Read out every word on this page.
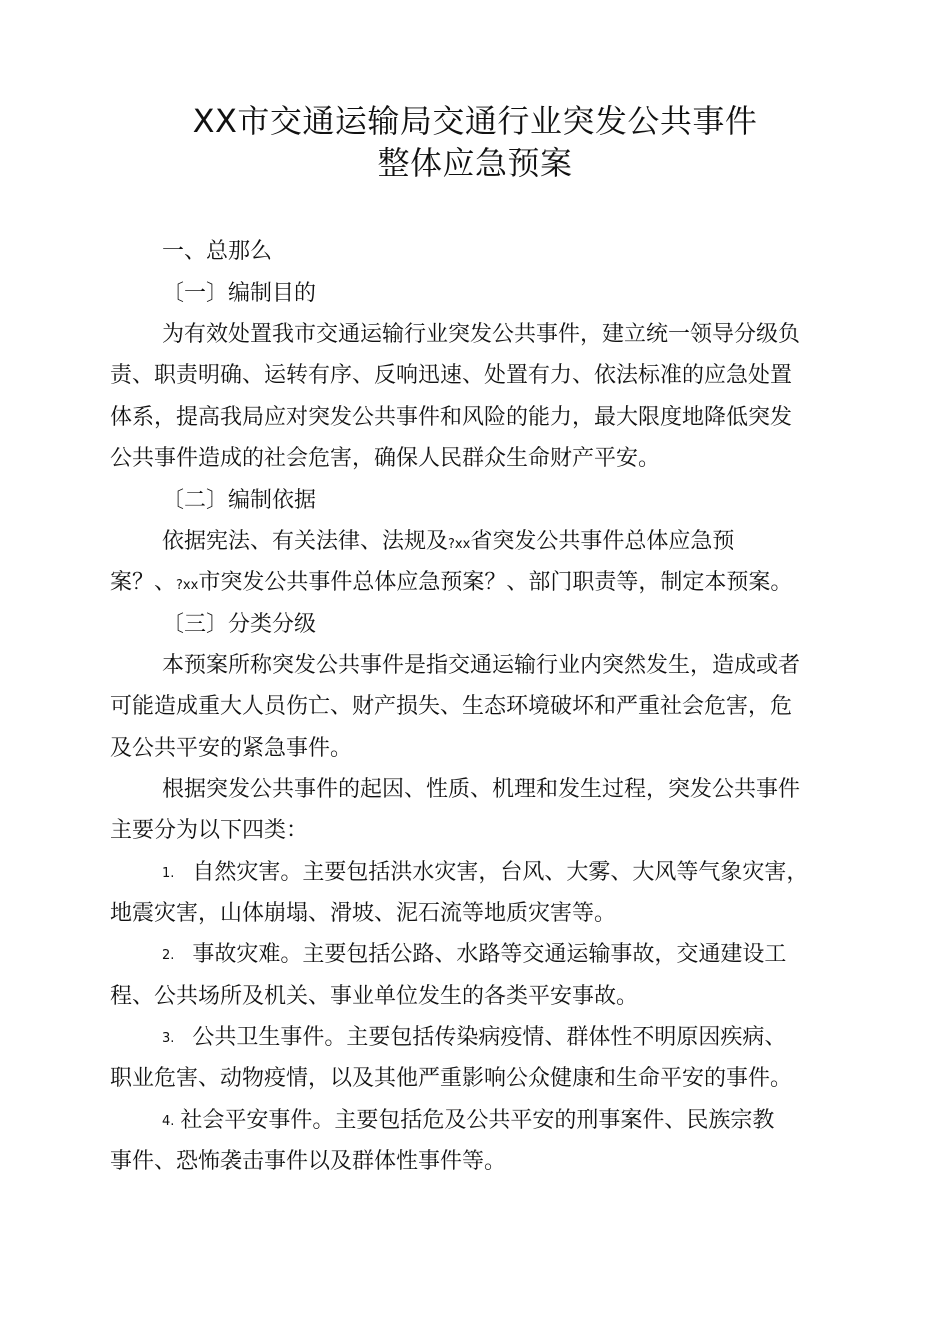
XX市交通运输局交通行业突发公共事件
整体应急预案

一、总那么

〔一〕编制目的

为有效处置我市交通运输行业突发公共事件，建立统一领导分级负

责、职责明确、运转有序、反响迅速、处置有力、依法标准的应急处置

体系，提高我局应对突发公共事件和风险的能力，最大限度地降低突发

公共事件造成的社会危害，确保人民群众生命财产平安。

〔二〕编制依据

依据宪法、有关法律、法规及?xx省突发公共事件总体应急预

案？、?xx市突发公共事件总体应急预案？、部门职责等，制定本预案。

〔三〕分类分级

本预案所称突发公共事件是指交通运输行业内突然发生，造成或者

可能造成重大人员伤亡、财产损失、生态环境破坏和严重社会危害，危

及公共平安的紧急事件。

根据突发公共事件的起因、性质、机理和发生过程，突发公共事件

主要分为以下四类：

1. 自然灾害。主要包括洪水灾害，台风、大雾、大风等气象灾害，

地震灾害，山体崩塌、滑坡、泥石流等地质灾害等。

2. 事故灾难。主要包括公路、水路等交通运输事故，交通建设工

程、公共场所及机关、事业单位发生的各类平安事故。

3. 公共卫生事件。主要包括传染病疫情、群体性不明原因疾病、

职业危害、动物疫情，以及其他严重影响公众健康和生命平安的事件。

4. 社会平安事件。主要包括危及公共平安的刑事案件、民族宗教

事件、恐怖袭击事件以及群体性事件等。
